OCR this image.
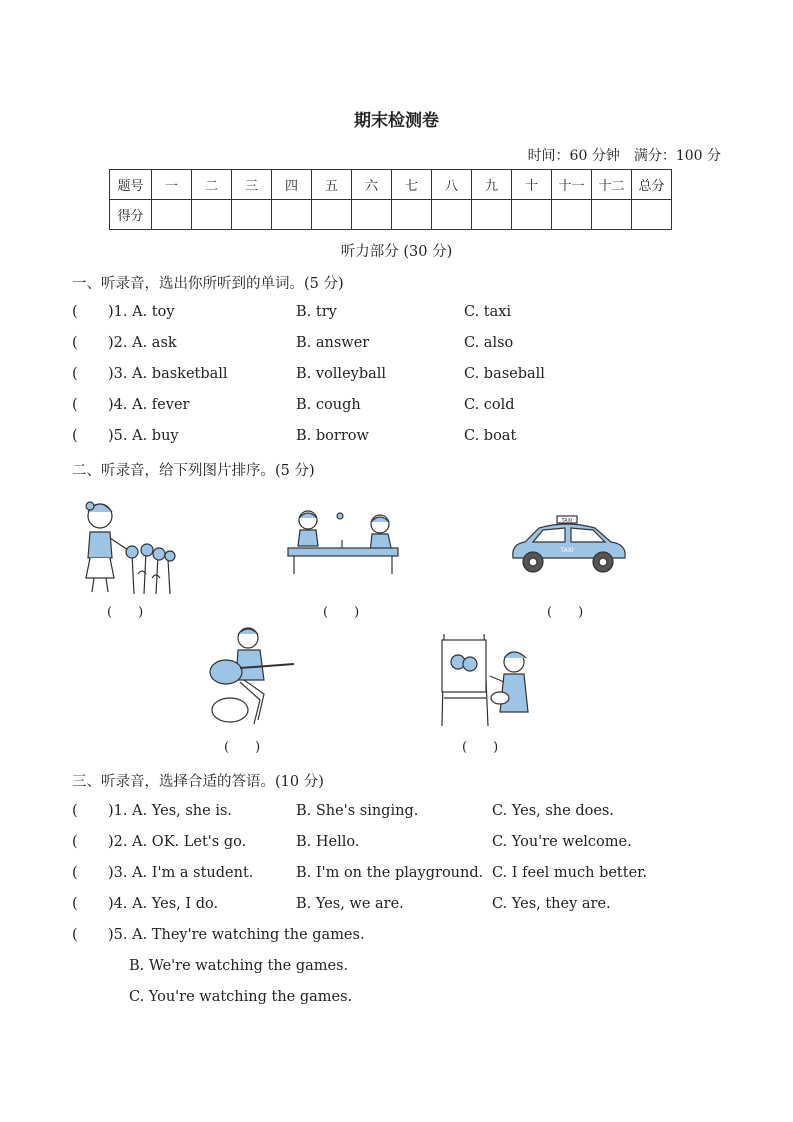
期末检测卷
时间：60 分钟　满分：100 分
题号	一	二	三	四	五	六	七	八	九	十	十一	十二	总分
得分													
听力部分 (30 分)
一、听录音，选出你所听到的单词。(5 分)
( )1. A. toy	B. try	C. taxi
( )2. A. ask	B. answer	C. also
( )3. A. basketball	B. volleyball	C. baseball
( )4. A. fever	B. cough	C. cold
( )5. A. buy	B. borrow	C. boat
二、听录音，给下列图片排序。(5 分)
(　　)	(　　)
TAXI
TAXI
(　　)
(　　)	(　　)
三、听录音，选择合适的答语。(10 分)
( )1. A. Yes, she is.	B. She's singing.	C. Yes, she does.
( )2. A. OK. Let's go.	B. Hello.	C. You're welcome.
( )3. A. I'm a student.	B. I'm on the playground. C. I feel much better.
( )4. A. Yes, I do.	B. Yes, we are.	C. Yes, they are.
( )5. A. They're watching the games.
B. We're watching the games.
C. You're watching the games.
